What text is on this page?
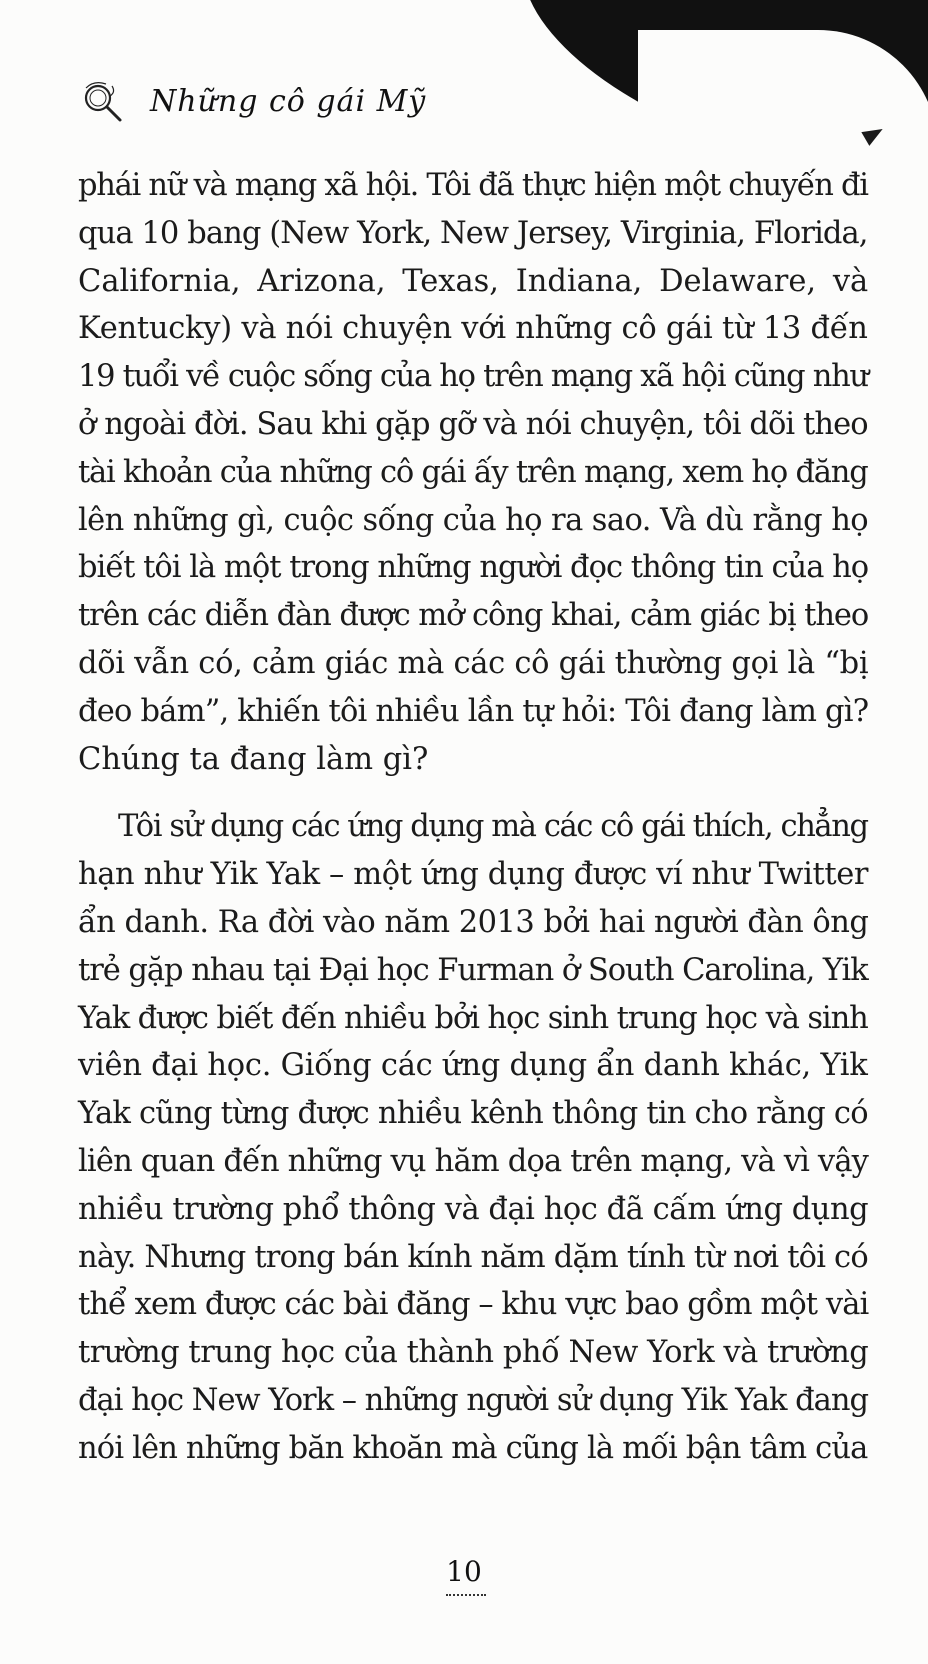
Những cô gái Mỹ
phái nữ và mạng xã hội. Tôi đã thực hiện một chuyến đi
qua 10 bang (New York, New Jersey, Virginia, Florida,
California, Arizona, Texas, Indiana, Delaware, và
Kentucky) và nói chuyện với những cô gái từ 13 đến
19 tuổi về cuộc sống của họ trên mạng xã hội cũng như
ở ngoài đời. Sau khi gặp gỡ và nói chuyện, tôi dõi theo
tài khoản của những cô gái ấy trên mạng, xem họ đăng
lên những gì, cuộc sống của họ ra sao. Và dù rằng họ
biết tôi là một trong những người đọc thông tin của họ
trên các diễn đàn được mở công khai, cảm giác bị theo
dõi vẫn có, cảm giác mà các cô gái thường gọi là “bị
đeo bám”, khiến tôi nhiều lần tự hỏi: Tôi đang làm gì?
Chúng ta đang làm gì?
Tôi sử dụng các ứng dụng mà các cô gái thích, chẳng
hạn như Yik Yak – một ứng dụng được ví như Twitter
ẩn danh. Ra đời vào năm 2013 bởi hai người đàn ông
trẻ gặp nhau tại Đại học Furman ở South Carolina, Yik
Yak được biết đến nhiều bởi học sinh trung học và sinh
viên đại học. Giống các ứng dụng ẩn danh khác, Yik
Yak cũng từng được nhiều kênh thông tin cho rằng có
liên quan đến những vụ hăm dọa trên mạng, và vì vậy
nhiều trường phổ thông và đại học đã cấm ứng dụng
này. Nhưng trong bán kính năm dặm tính từ nơi tôi có
thể xem được các bài đăng – khu vực bao gồm một vài
trường trung học của thành phố New York và trường
đại học New York – những người sử dụng Yik Yak đang
nói lên những băn khoăn mà cũng là mối bận tâm của
10
